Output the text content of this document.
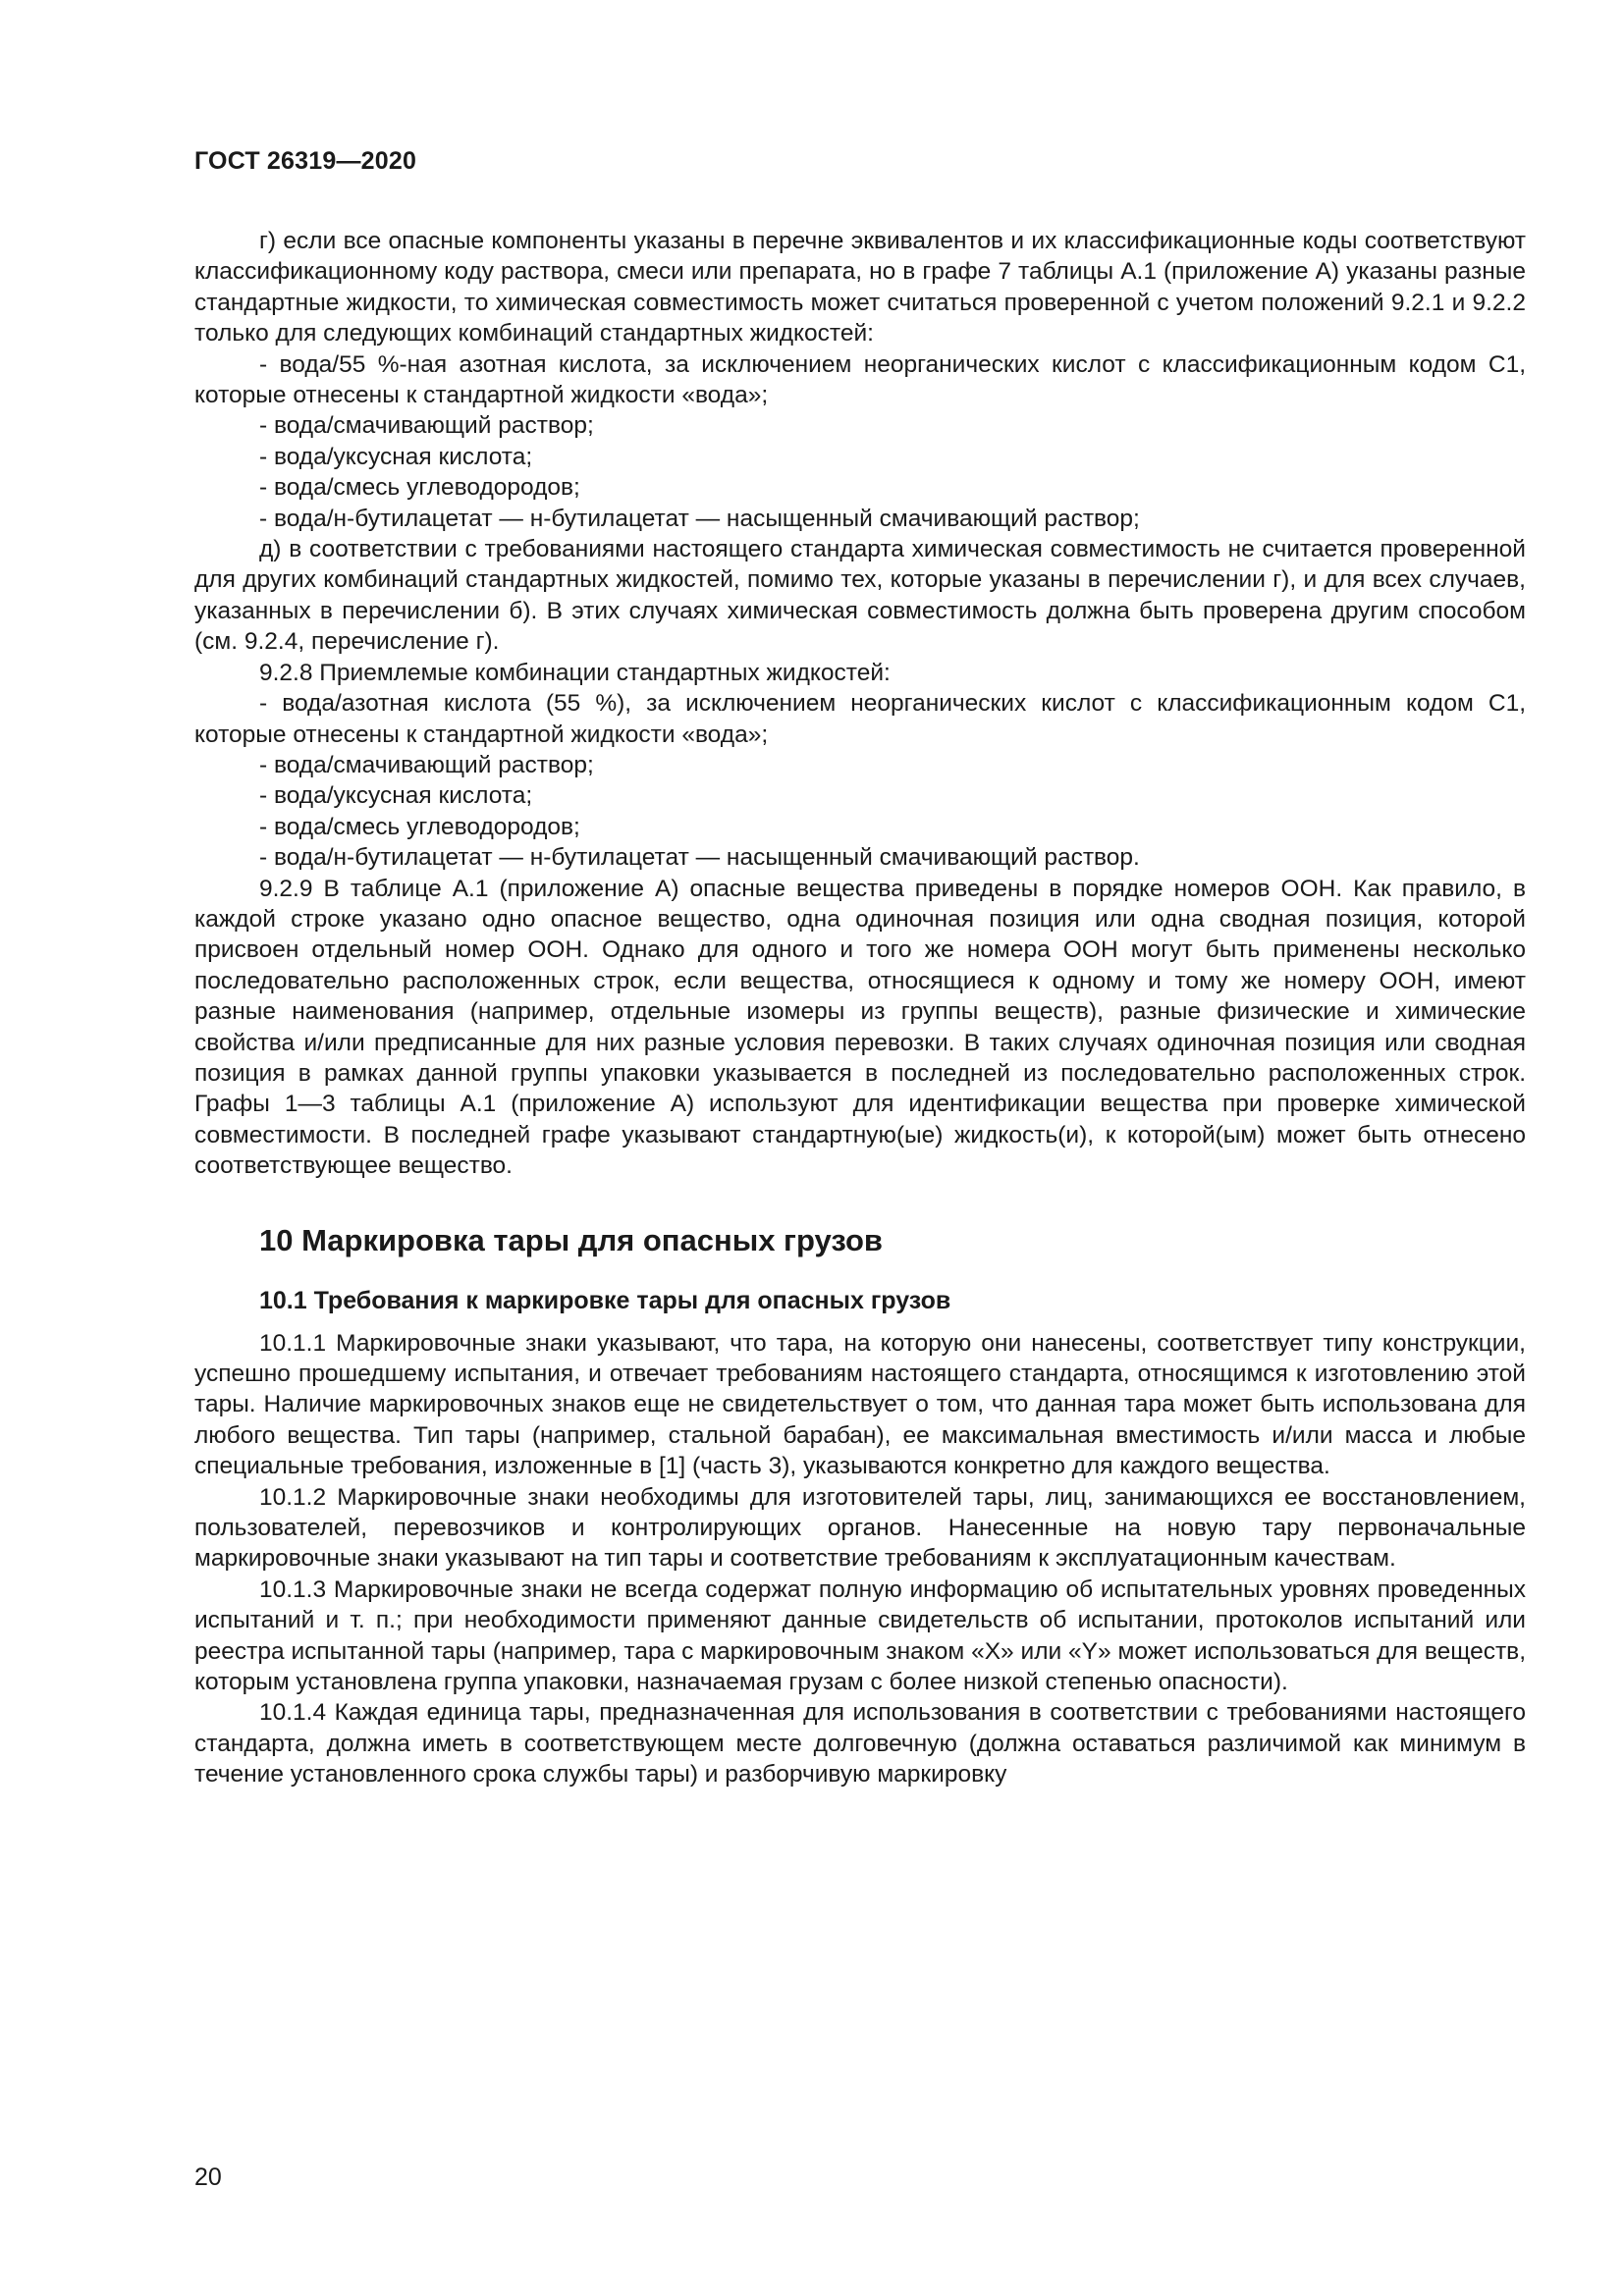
ГОСТ 26319—2020

г) если все опасные компоненты указаны в перечне эквивалентов и их классификационные коды соответствуют классификационному коду раствора, смеси или препарата, но в графе 7 таблицы А.1 (приложение А) указаны разные стандартные жидкости, то химическая совместимость может считаться проверенной с учетом положений 9.2.1 и 9.2.2 только для следующих комбинаций стандартных жидкостей:

- вода/55 %-ная азотная кислота, за исключением неорганических кислот с классификационным кодом С1, которые отнесены к стандартной жидкости «вода»;

- вода/смачивающий раствор;

- вода/уксусная кислота;

- вода/смесь углеводородов;

- вода/н-бутилацетат — н-бутилацетат — насыщенный смачивающий раствор;

д) в соответствии с требованиями настоящего стандарта химическая совместимость не считается проверенной для других комбинаций стандартных жидкостей, помимо тех, которые указаны в перечислении г), и для всех случаев, указанных в перечислении б). В этих случаях химическая совместимость должна быть проверена другим способом (см. 9.2.4, перечисление г).

9.2.8 Приемлемые комбинации стандартных жидкостей:

- вода/азотная кислота (55 %), за исключением неорганических кислот с классификационным кодом С1, которые отнесены к стандартной жидкости «вода»;

- вода/смачивающий раствор;

- вода/уксусная кислота;

- вода/смесь углеводородов;

- вода/н-бутилацетат — н-бутилацетат — насыщенный смачивающий раствор.

9.2.9 В таблице А.1 (приложение А) опасные вещества приведены в порядке номеров ООН. Как правило, в каждой строке указано одно опасное вещество, одна одиночная позиция или одна сводная позиция, которой присвоен отдельный номер ООН. Однако для одного и того же номера ООН могут быть применены несколько последовательно расположенных строк, если вещества, относящиеся к одному и тому же номеру ООН, имеют разные наименования (например, отдельные изомеры из группы веществ), разные физические и химические свойства и/или предписанные для них разные условия перевозки. В таких случаях одиночная позиция или сводная позиция в рамках данной группы упаковки указывается в последней из последовательно расположенных строк. Графы 1—3 таблицы А.1 (приложение А) используют для идентификации вещества при проверке химической совместимости. В последней графе указывают стандартную(ые) жидкость(и), к которой(ым) может быть отнесено соответствующее вещество.

10 Маркировка тары для опасных грузов
10.1 Требования к маркировке тары для опасных грузов

10.1.1 Маркировочные знаки указывают, что тара, на которую они нанесены, соответствует типу конструкции, успешно прошедшему испытания, и отвечает требованиям настоящего стандарта, относящимся к изготовлению этой тары. Наличие маркировочных знаков еще не свидетельствует о том, что данная тара может быть использована для любого вещества. Тип тары (например, стальной барабан), ее максимальная вместимость и/или масса и любые специальные требования, изложенные в [1] (часть 3), указываются конкретно для каждого вещества.

10.1.2 Маркировочные знаки необходимы для изготовителей тары, лиц, занимающихся ее восстановлением, пользователей, перевозчиков и контролирующих органов. Нанесенные на новую тару первоначальные маркировочные знаки указывают на тип тары и соответствие требованиям к эксплуатационным качествам.

10.1.3 Маркировочные знаки не всегда содержат полную информацию об испытательных уровнях проведенных испытаний и т. п.; при необходимости применяют данные свидетельств об испытании, протоколов испытаний или реестра испытанной тары (например, тара с маркировочным знаком «X» или «Y» может использоваться для веществ, которым установлена группа упаковки, назначаемая грузам с более низкой степенью опасности).

10.1.4 Каждая единица тары, предназначенная для использования в соответствии с требованиями настоящего стандарта, должна иметь в соответствующем месте долговечную (должна оставаться различимой как минимум в течение установленного срока службы тары) и разборчивую маркировку

20
